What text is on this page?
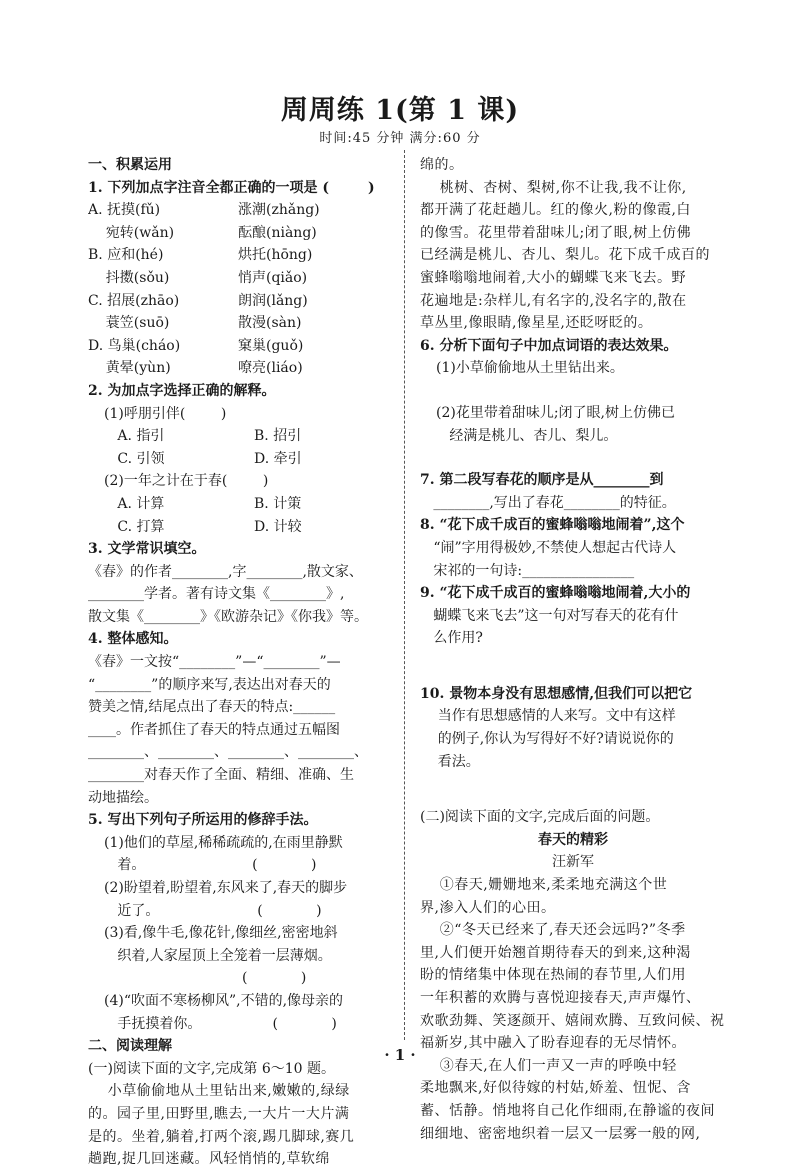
周周练 1(第 1 课)
时间:45 分钟 满分:60 分
一、积累运用
1. 下列加点字注音全都正确的一项是 (        )
A. 抚摸(fǔ)	涨潮(zhǎng)
宛转(wǎn)	酝酿(niàng)
B. 应和(hé)	烘托(hōng)
抖擞(sǒu)	悄声(qiǎo)
C. 招展(zhāo)	朗润(lǎng)
蓑笠(suō)	散漫(sàn)
D. 鸟巢(cháo)	窠巢(guǒ)
黄晕(yùn)	嘹亮(liáo)
2. 为加点字选择正确的解释。
(1)呼朋引伴(        )
A. 指引	B. 招引
C. 引领	D. 牵引
(2)一年之计在于春(        )
A. 计算	B. 计策
C. 打算	D. 计较
3. 文学常识填空。
《春》的作者________,字________,散文家、
________学者。著有诗文集《________》,
散文集《________》《欧游杂记》《你我》等。
4. 整体感知。
《春》一文按“________”—“________”—
“________”的顺序来写,表达出对春天的
赞美之情,结尾点出了春天的特点:______
____。作者抓住了春天的特点通过五幅图
________、________、________、________、
________对春天作了全面、精细、准确、生
动地描绘。
5. 写出下列句子所运用的修辞手法。
(1)他们的草屋,稀稀疏疏的,在雨里静默
着。                        (            )
(2)盼望着,盼望着,东风来了,春天的脚步
近了。                      (            )
(3)看,像牛毛,像花针,像细丝,密密地斜
织着,人家屋顶上全笼着一层薄烟。
(            )
(4)“吹面不寒杨柳风”,不错的,像母亲的
手抚摸着你。                (            )
二、阅读理解
(一)阅读下面的文字,完成第 6～10 题。
小草偷偷地从土里钻出来,嫩嫩的,绿绿
的。园子里,田野里,瞧去,一大片一大片满
是的。坐着,躺着,打两个滚,踢几脚球,赛几
趟跑,捉几回迷藏。风轻悄悄的,草软绵
绵的。
桃树、杏树、梨树,你不让我,我不让你,
都开满了花赶趟儿。红的像火,粉的像霞,白
的像雪。花里带着甜味儿;闭了眼,树上仿佛
已经满是桃儿、杏儿、梨儿。花下成千成百的
蜜蜂嗡嗡地闹着,大小的蝴蝶飞来飞去。野
花遍地是:杂样儿,有名字的,没名字的,散在
草丛里,像眼睛,像星星,还眨呀眨的。
6. 分析下面句子中加点词语的表达效果。
(1)小草偷偷地从土里钻出来。
(2)花里带着甜味儿;闭了眼,树上仿佛已
经满是桃儿、杏儿、梨儿。
7. 第二段写春花的顺序是从________到
________,写出了春花________的特征。
8. “花下成千成百的蜜蜂嗡嗡地闹着”,这个
“闹”字用得极妙,不禁使人想起古代诗人
宋祁的一句诗:________________
9. “花下成千成百的蜜蜂嗡嗡地闹着,大小的
蝴蝶飞来飞去”这一句对写春天的花有什
么作用?
10. 景物本身没有思想感情,但我们可以把它
当作有思想感情的人来写。文中有这样
的例子,你认为写得好不好?请说说你的
看法。
(二)阅读下面的文字,完成后面的问题。
春天的精彩
汪新军
①春天,姗姗地来,柔柔地充满这个世
界,渗入人们的心田。
②“冬天已经来了,春天还会远吗?”冬季
里,人们便开始翘首期待春天的到来,这种渴
盼的情绪集中体现在热闹的春节里,人们用
一年积蓄的欢腾与喜悦迎接春天,声声爆竹、
欢歌劲舞、笑逐颜开、嬉闹欢腾、互致问候、祝
福新岁,其中融入了盼春迎春的无尽情怀。
③春天,在人们一声又一声的呼唤中轻
柔地飘来,好似待嫁的村姑,娇羞、忸怩、含
蓄、恬静。悄地将自己化作细雨,在静谧的夜间
细细地、密密地织着一层又一层雾一般的网,
· 1 ·
